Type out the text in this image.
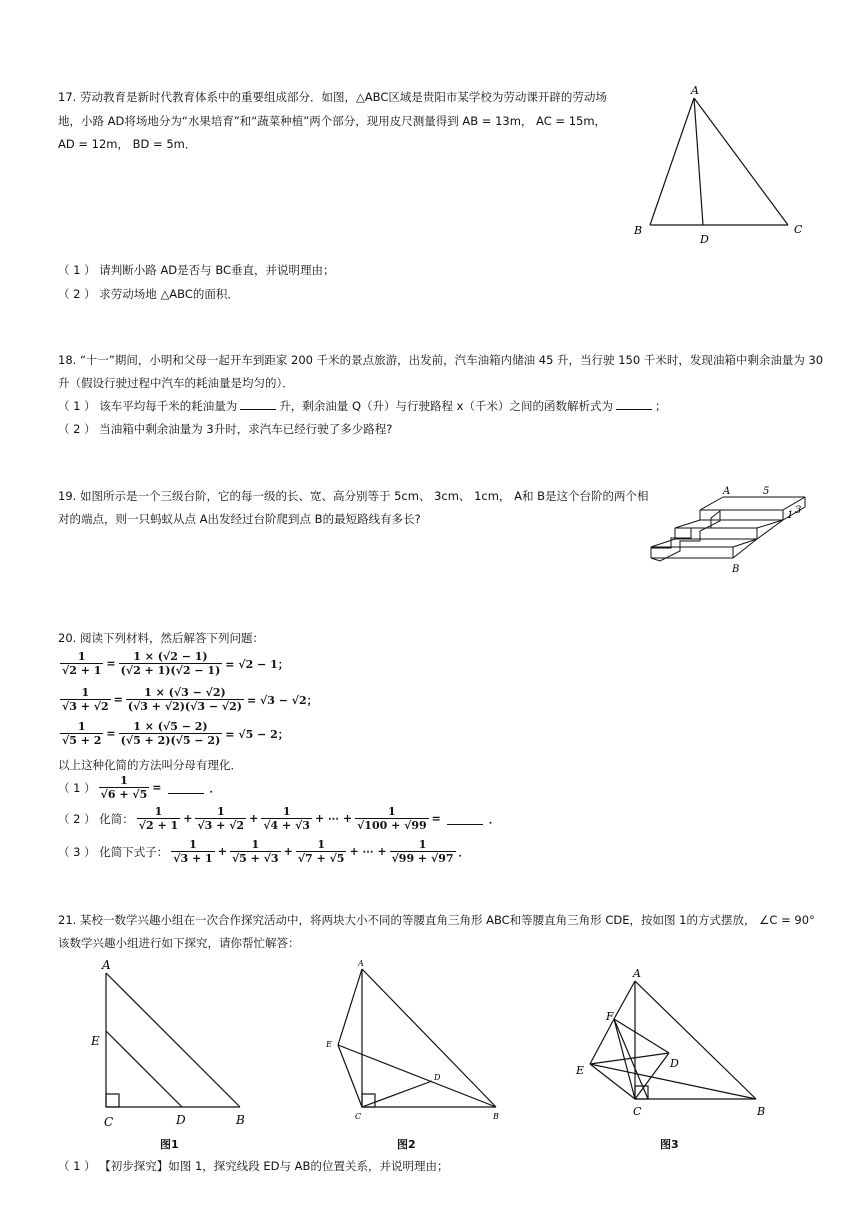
17. 劳动教育是新时代教育体系中的重要组成部分．如图，△ABC区域是贵阳市某学校为劳动课开辟的劳动场
地，小路 AD将场地分为“水果培育”和“蔬菜种植”两个部分，现用皮尺测量得到 AB = 13m， AC = 15m，
AD = 12m， BD = 5m．
A
B	C
D
（ 1 ） 请判断小路 AD是否与 BC垂直，并说明理由；
（ 2 ） 求劳动场地 △ABC的面积．
18. “十一”期间，小明和父母一起开车到距家 200 千米的景点旅游，出发前，汽车油箱内储油 45 升，当行驶 150 千米时，发现油箱中剩余油量为 30
升（假设行驶过程中汽车的耗油量是均匀的）．
（ 1 ） 该车平均每千米的耗油量为	升，剩余油量 Q（升）与行驶路程 x（千米）之间的函数解析式为	；
（ 2 ） 当油箱中剩余油量为 3升时，求汽车已经行驶了多少路程?
19. 如图所示是一个三级台阶，它的每一级的长、宽、高分别等于 5cm、 3cm、 1cm， A和 B是这个台阶的两个相
对的端点，则一只蚂蚁从点 A出发经过台阶爬到点 B的最短路线有多长?
A	5
1 3
B
20. 阅读下列材料，然后解答下列问题：
$\frac{1}{√2 + 1} = \frac{1 \times (√2 - 1)}{(√2 + 1)(√2 - 1)} = √2 - 1$；
$\frac{1}{√3 + √2} = \frac{1 \times (√3 - √2)}{(√3 + √2)(√3 - √2)} = √3 - √2$；
$\frac{1}{√5 + 2} = \frac{1 \times (√5 - 2)}{(√5 + 2)(√5 - 2)} = √5 - 2$；
以上这种化简的方法叫分母有理化．
（ 1 ） $\frac{1}{√6 + √5}$ =	．
（ 2 ） 化简： $\frac{1}{√2 + 1} + \frac{1}{√3 + √2} + \frac{1}{√4 + √3}$ + ⋯ + $\frac{1}{√100 + √99}$ =	．
（ 3 ） 化简下式子： $\frac{1}{√3 + 1} + \frac{1}{√5 + √3} + \frac{1}{√7 + √5}$ + ⋯ + $\frac{1}{√99 + √97}$ ．
21. 某校一数学兴趣小组在一次合作探究活动中，将两块大小不同的等腰直角三角形 ABC和等腰直角三角形 CDE，按如图 1的方式摆放， ∠C = 90°
该数学兴趣小组进行如下探究，请你帮忙解答：
A
E
C	D	B
图1
A
E
C
D
B
图2
A
F
E
D
C	B
图3
（ 1 ） 【初步探究】如图 1，探究线段 ED与 AB的位置关系，并说明理由；
